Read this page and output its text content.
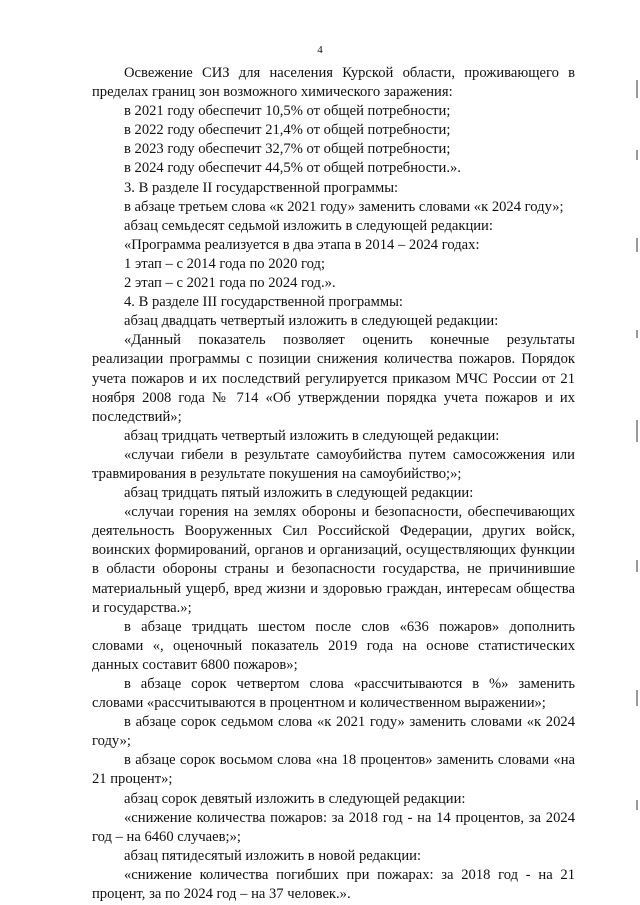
4

Освежение СИЗ для населения Курской области, проживающего в пределах границ зон возможного химического заражения:

в 2021 году обеспечит 10,5% от общей потребности;

в 2022 году обеспечит 21,4% от общей потребности;

в 2023 году обеспечит 32,7% от общей потребности;

в 2024 году обеспечит 44,5% от общей потребности.».

3. В разделе II государственной программы:

в абзаце третьем слова «к 2021 году» заменить словами «к 2024 году»;

абзац семьдесят седьмой изложить в следующей редакции:

«Программа реализуется в два этапа в 2014 – 2024 годах:

1 этап – с 2014 года по 2020 год;

2 этап – с 2021 года по 2024 год.».

4. В разделе III государственной программы:

абзац двадцать четвертый изложить в следующей редакции:

«Данный показатель позволяет оценить конечные результаты реализации программы с позиции снижения количества пожаров. Порядок учета пожаров и их последствий регулируется приказом МЧС России от 21 ноября 2008 года № 714 «Об утверждении порядка учета пожаров и их последствий»;

абзац тридцать четвертый изложить в следующей редакции:

«случаи гибели в результате самоубийства путем самосожжения или травмирования в результате покушения на самоубийство;»;

абзац тридцать пятый изложить в следующей редакции:

«случаи горения на землях обороны и безопасности, обеспечивающих деятельность Вооруженных Сил Российской Федерации, других войск, воинских формирований, органов и организаций, осуществляющих функции в области обороны страны и безопасности государства, не причинившие материальный ущерб, вред жизни и здоровью граждан, интересам общества и государства.»;

в абзаце тридцать шестом после слов «636 пожаров» дополнить словами «, оценочный показатель 2019 года на основе статистических данных составит 6800 пожаров»;

в абзаце сорок четвертом слова «рассчитываются в %» заменить словами «рассчитываются в процентном и количественном выражении»;

в абзаце сорок седьмом слова «к 2021 году» заменить словами «к 2024 году»;

в абзаце сорок восьмом слова «на 18 процентов» заменить словами «на 21 процент»;

абзац сорок девятый изложить в следующей редакции:

«снижение количества пожаров: за 2018 год - на 14 процентов, за 2024 год – на 6460 случаев;»;

абзац пятидесятый изложить в новой редакции:

«снижение количества погибших при пожарах: за 2018 год - на 21 процент, за по 2024 год – на 37 человек.».
